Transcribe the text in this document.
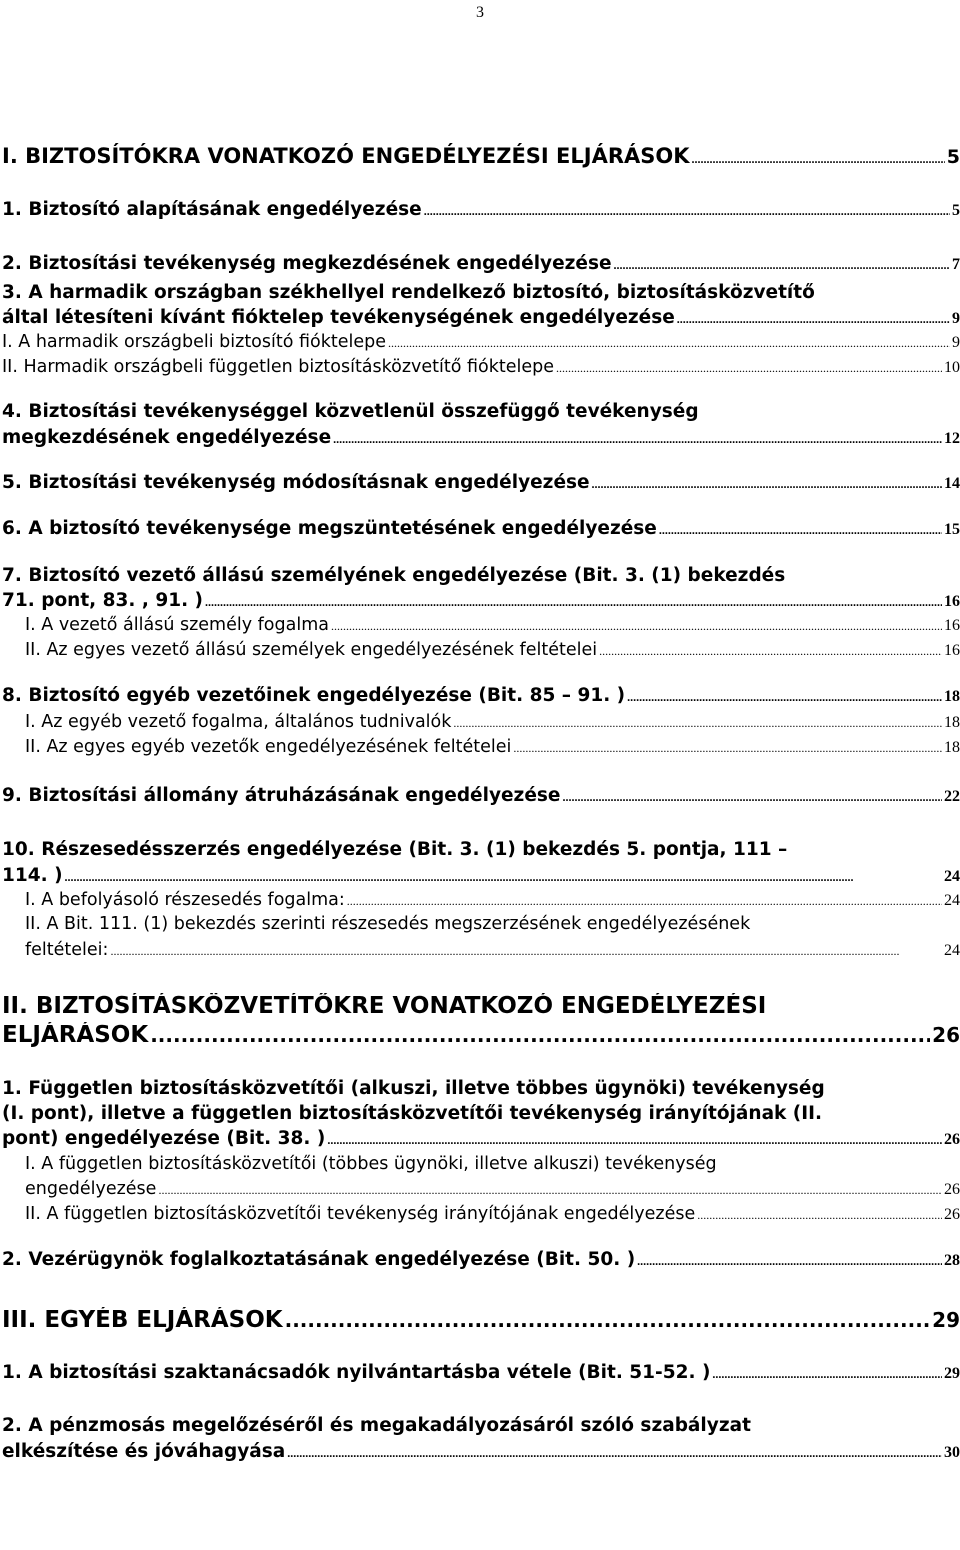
3
I. BIZTOSÍTÓKRA VONATKOZÓ ENGEDÉLYEZÉSI ELJÁRÁSOK .....	5
1. Biztosító alapításának engedélyezése .....	5
2. Biztosítási tevékenység megkezdésének engedélyezése .....	7
3. A harmadik országban székhellyel rendelkező biztosító, biztosításközvetítő
által létesíteni kívánt fióktelep tevékenységének engedélyezése .....	9
I. A harmadik országbeli biztosító fióktelepe .....	9
II. Harmadik országbeli független biztosításközvetítő fióktelepe .....	10
4. Biztosítási tevékenységgel közvetlenül összefüggő tevékenység
megkezdésének engedélyezése .....	12
5. Biztosítási tevékenység módosításnak engedélyezése .....	14
6. A biztosító tevékenysége megszüntetésének engedélyezése .....	15
7. Biztosító vezető állású személyének engedélyezése (Bit. 3. (1) bekezdés
71. pont, 83. , 91. ) .....	16
I. A vezető állású személy fogalma .....	16
II. Az egyes vezető állású személyek engedélyezésének feltételei .....	16
8. Biztosító egyéb vezetőinek engedélyezése (Bit. 85 – 91. ) .....	18
I. Az egyéb vezető fogalma, általános tudnivalók .....	18
II. Az egyes egyéb vezetők engedélyezésének feltételei .....	18
9. Biztosítási állomány átruházásának engedélyezése .....	22
10. Részesedésszerzés engedélyezése (Bit. 3. (1) bekezdés 5. pontja, 111 –
114. ) .....	24
I. A befolyásoló részesedés fogalma: .....	24
II. A Bit. 111. (1) bekezdés szerinti részesedés megszerzésének engedélyezésének
feltételei: .....	24
II. BIZTOSÍTÁSKÖZVETÍTŐKRE VONATKOZÓ ENGEDÉLYEZÉSI
ELJÁRÁSOK .....	26
1. Független biztosításközvetítői (alkuszi, illetve többes ügynöki) tevékenység
(I. pont), illetve a független biztosításközvetítői tevékenység irányítójának (II.
pont) engedélyezése (Bit. 38. ) .....	26
I. A független biztosításközvetítői (többes ügynöki, illetve alkuszi) tevékenység
engedélyezése .....	26
II. A független biztosításközvetítői tevékenység irányítójának engedélyezése .....	26
2. Vezérügynök foglalkoztatásának engedélyezése (Bit. 50. ) .....	28
III. EGYÉB ELJÁRÁSOK .....	29
1. A biztosítási szaktanácsadók nyilvántartásba vétele (Bit. 51-52. ) .....	29
2. A pénzmosás megelőzéséről és megakadályozásáról szóló szabályzat
elkészítése és jóváhagyása .....	30
